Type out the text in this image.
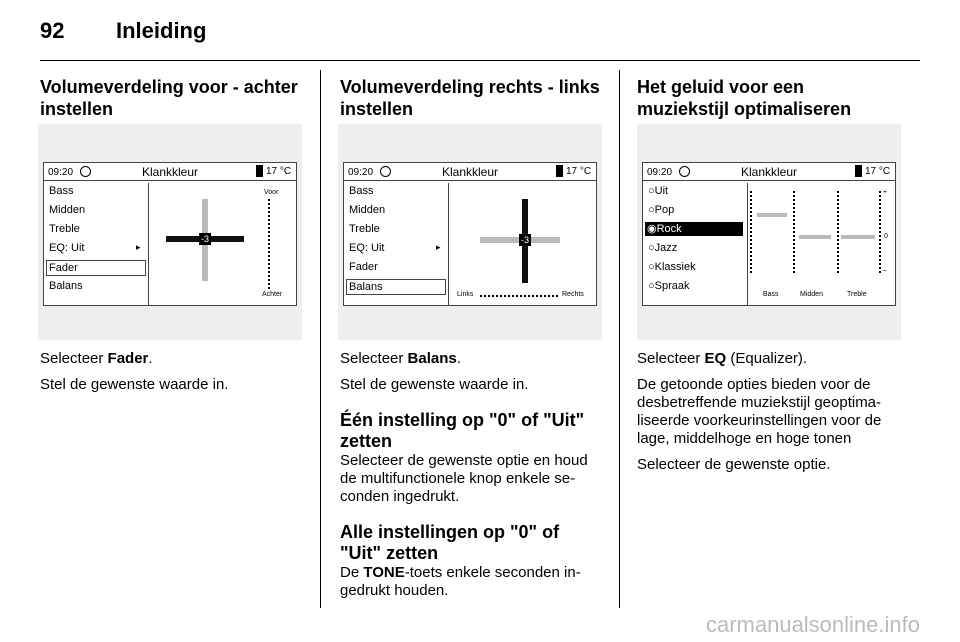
92 Inleiding
Volumeverdeling voor - achter instellen
09:20	Klankkleur	17 °C
Bass
Midden
Treble
EQ: Uit	▸
Fader
Balans
-3
Voor
Achter

Selecteer Fader.

Stel de gewenste waarde in.

Volumeverdeling rechts - links instellen
09:20	Klankkleur	17 °C
Bass
Midden
Treble
EQ: Uit	▸
Fader
Balans
-3
Links	Rechts

Selecteer Balans.

Stel de gewenste waarde in.

Één instelling op "0" of "Uit" zetten

Selecteer de gewenste optie en houd de multifunctionele knop enkele se-conden ingedrukt.

Alle instellingen op "0" of "Uit" zetten

De TONE-toets enkele seconden in-gedrukt houden.

Het geluid voor een muziekstijl optimaliseren
09:20	Klankkleur	17 °C
○Uit
○Pop
◉Rock
○Jazz
○Klassiek
○Spraak
+
0
–
Bass	Midden	Treble

Selecteer EQ (Equalizer).

De getoonde opties bieden voor de desbetreffende muziekstijl geoptima-liseerde voorkeurinstellingen voor de lage, middelhoge en hoge tonen

Selecteer de gewenste optie.

carmanualsonline.info
